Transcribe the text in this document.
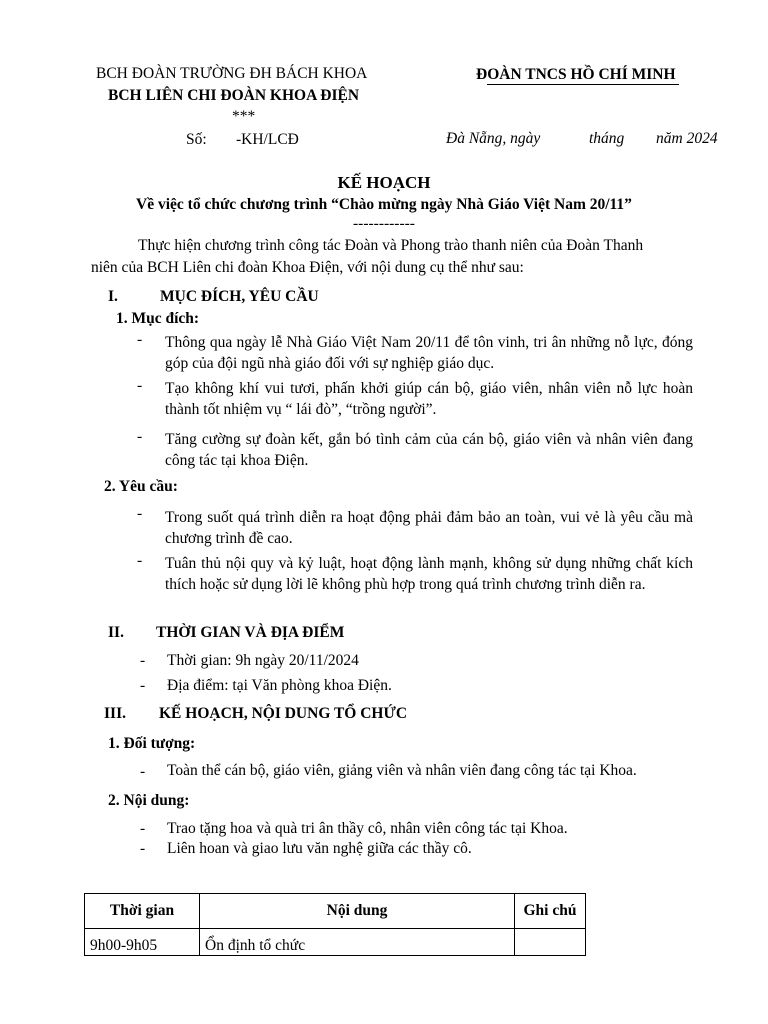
BCH ĐOÀN TRƯỜNG ĐH BÁCH KHOA
BCH LIÊN CHI ĐOÀN KHOA ĐIỆN
***
Số: -KH/LCĐ
ĐOÀN TNCS HỒ CHÍ MINH
Đà Nẵng, ngày	tháng năm 2024
KẾ HOẠCH
Về việc tổ chức chương trình “Chào mừng ngày Nhà Giáo Việt Nam 20/11”
------------
Thực hiện chương trình công tác Đoàn và Phong trào thanh niên của Đoàn Thanh
niên của BCH Liên chi đoàn Khoa Điện, với nội dung cụ thể như sau:
I.	MỤC ĐÍCH, YÊU CẦU
1. Mục đích:
- Thông qua ngày lễ Nhà Giáo Việt Nam 20/11 để tôn vinh, tri ân những nỗ lực, đóng góp của đội ngũ nhà giáo đối với sự nghiệp giáo dục.
- Tạo không khí vui tươi, phấn khởi giúp cán bộ, giáo viên, nhân viên nỗ lực hoàn thành tốt nhiệm vụ “ lái đò”, “trồng người”.
- Tăng cường sự đoàn kết, gắn bó tình cảm của cán bộ, giáo viên và nhân viên đang công tác tại khoa Điện.
2. Yêu cầu:
- Trong suốt quá trình diễn ra hoạt động phải đảm bảo an toàn, vui vẻ là yêu cầu mà chương trình đề cao.
- Tuân thủ nội quy và kỷ luật, hoạt động lành mạnh, không sử dụng những chất kích thích hoặc sử dụng lời lẽ không phù hợp trong quá trình chương trình diễn ra.
II. THỜI GIAN VÀ ĐỊA ĐIỂM
- Thời gian: 9h ngày 20/11/2024
- Địa điểm: tại Văn phòng khoa Điện.
III. KẾ HOẠCH, NỘI DUNG TỔ CHỨC
1. Đối tượng:
- Toàn thể cán bộ, giáo viên, giảng viên và nhân viên đang công tác tại Khoa.
2. Nội dung:
- Trao tặng hoa và quà tri ân thầy cô, nhân viên công tác tại Khoa.
- Liên hoan và giao lưu văn nghệ giữa các thầy cô.
Thời gian	Nội dung	Ghi chú
9h00-9h05	Ổn định tổ chức	
